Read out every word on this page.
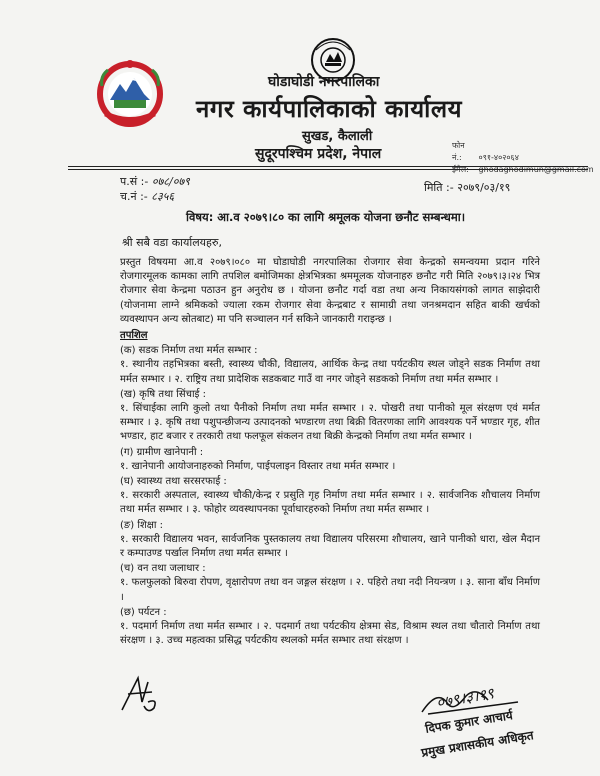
घोडाघोडी नगरपालिका
नगर कार्यपालिकाको कार्यालय
सुखड, कैलाली
सुदूरपश्चिम प्रदेश, नेपाल
फोन नं.: ०९१-४०२०६४
ईमेल: ghodaghodimun@gmail.com
प.सं :- ०७८/०७९
च.नं :- ८३५६
मिति :- २०७९/०३/१९
विषय: आ.व २०७९।८० का लागि श्रमूलक योजना छनौट सम्बन्धमा।
श्री सबै वडा कार्यालयहरु,

प्रस्तुत विषयमा आ.व २०७९।०८० मा घोडाघोडी नगरपालिका रोजगार सेवा केन्द्रको समन्वयमा प्रदान गरिने रोजगारमूलक कामका लागि तपशिल बमोजिमका क्षेत्रभित्रका श्रममूलक योजनाहरु छनौट गरी मिति २०७९।३।२४ भित्र रोजगार सेवा केन्द्रमा पठाउन हुन अनुरोध छ । योजना छनौट गर्दा वडा तथा अन्य निकायसंगको लागत साझेदारी (योजनामा लाग्ने श्रमिकको ज्याला रकम रोजगार सेवा केन्द्रबाट र सामाग्री तथा जनश्रमदान सहित बाकी खर्चको व्यवस्थापन अन्य स्रोतबाट) मा पनि सञ्चालन गर्न सकिने जानकारी गराइन्छ ।

तपशिल

(क) सडक निर्माण तथा मर्मत सम्भार :

१. स्थानीय तहभित्रका बस्ती, स्वास्थ्य चौकी, विद्यालय, आर्थिक केन्द्र तथा पर्यटकीय स्थल जोड्ने सडक निर्माण तथा मर्मत सम्भार । २. राष्ट्रिय तथा प्रादेशिक सडकबाट गाउँ वा नगर जोड्ने सडकको निर्माण तथा मर्मत सम्भार ।

(ख) कृषि तथा सिंचाई :

१. सिंचाईका लागि कुलो तथा पैनीको निर्माण तथा मर्मत सम्भार । २. पोखरी तथा पानीको मूल संरक्षण एवं मर्मत सम्भार । ३. कृषि तथा पशुपन्छीजन्य उत्पादनको भण्डारण तथा बिक्री वितरणका लागि आवश्यक पर्ने भण्डार गृह, शीत भण्डार, हाट बजार र तरकारी तथा फलफूल संकलन तथा बिक्री केन्द्रको निर्माण तथा मर्मत सम्भार ।

(ग) ग्रामीण खानेपानी :

१. खानेपानी आयोजनाहरुको निर्माण, पाईपलाइन विस्तार तथा मर्मत सम्भार ।

(घ) स्वास्थ्य तथा सरसरफाई :

१. सरकारी अस्पताल, स्वास्थ्य चौकी/केन्द्र र प्रसुति गृह निर्माण तथा मर्मत सम्भार । २. सार्वजनिक शौचालय निर्माण तथा मर्मत सम्भार । ३. फोहोर व्यवस्थापनका पूर्वाधारहरुको निर्माण तथा मर्मत सम्भार ।

(ङ) शिक्षा :

१. सरकारी विद्यालय भवन, सार्वजनिक पुस्तकालय तथा विद्यालय परिसरमा शौचालय, खाने पानीको धारा, खेल मैदान र कम्पाउण्ड पर्खाल निर्माण तथा मर्मत सम्भार ।

(च) वन तथा जलाधार :

१. फलफुलको बिरुवा रोपण, वृक्षारोपण तथा वन जङ्गल संरक्षण । २. पहिरो तथा नदी नियन्त्रण । ३. साना बाँध निर्माण ।

(छ) पर्यटन :

१. पदमार्ग निर्माण तथा मर्मत सम्भार । २. पदमार्ग तथा पर्यटकीय क्षेत्रमा सेड, विश्राम स्थल तथा चौतारो निर्माण तथा संरक्षण । ३. उच्च महत्वका प्रसिद्ध पर्यटकीय स्थलको मर्मत सम्भार तथा संरक्षण ।

०७९।३।१९
दिपक कुमार आचार्य
प्रमुख प्रशासकीय अधिकृत
